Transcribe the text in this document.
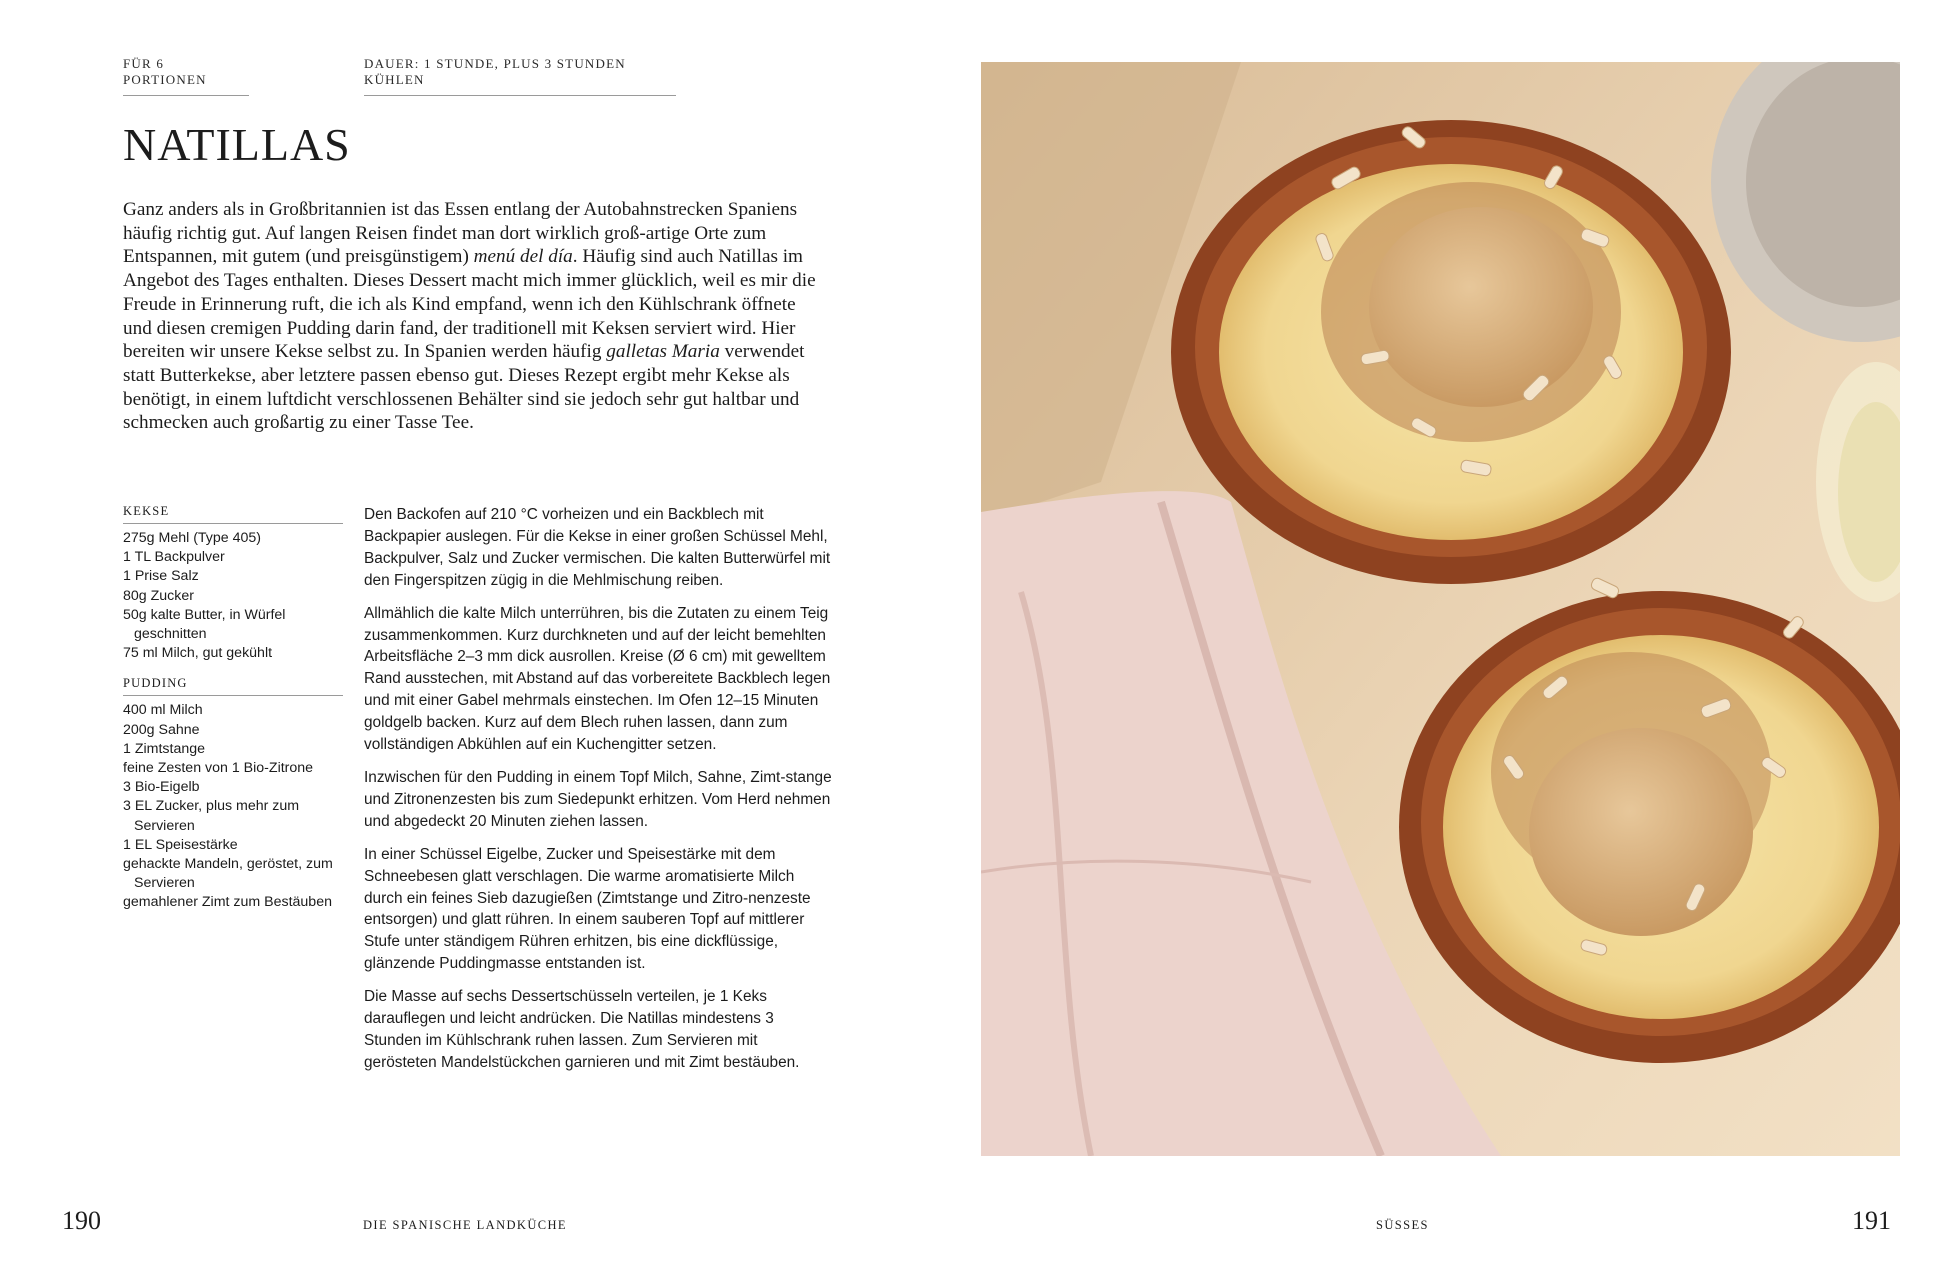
FÜR 6 PORTIONEN
DAUER: 1 STUNDE, PLUS 3 STUNDEN KÜHLEN
NATILLAS

Ganz anders als in Großbritannien ist das Essen entlang der Autobahnstrecken Spaniens häufig richtig gut. Auf langen Reisen findet man dort wirklich groß-artige Orte zum Entspannen, mit gutem (und preisgünstigem) menú del día. Häufig sind auch Natillas im Angebot des Tages enthalten. Dieses Dessert macht mich immer glücklich, weil es mir die Freude in Erinnerung ruft, die ich als Kind empfand, wenn ich den Kühlschrank öffnete und diesen cremigen Pudding darin fand, der traditionell mit Keksen serviert wird. Hier bereiten wir unsere Kekse selbst zu. In Spanien werden häufig galletas Maria verwendet statt Butterkekse, aber letztere passen ebenso gut. Dieses Rezept ergibt mehr Kekse als benötigt, in einem luftdicht verschlossenen Behälter sind sie jedoch sehr gut haltbar und schmecken auch großartig zu einer Tasse Tee.

KEKSE
275g Mehl (Type 405)
1 TL Backpulver
1 Prise Salz
80g Zucker
50g kalte Butter, in Würfel geschnitten
75 ml Milch, gut gekühlt
PUDDING
400 ml Milch
200g Sahne
1 Zimtstange
feine Zesten von 1 Bio-Zitrone
3 Bio-Eigelb
3 EL Zucker, plus mehr zum Servieren
1 EL Speisestärke
gehackte Mandeln, geröstet, zum Servieren
gemahlener Zimt zum Bestäuben

Den Backofen auf 210 °C vorheizen und ein Backblech mit Backpapier auslegen. Für die Kekse in einer großen Schüssel Mehl, Backpulver, Salz und Zucker vermischen. Die kalten Butterwürfel mit den Fingerspitzen zügig in die Mehlmischung reiben.

Allmählich die kalte Milch unterrühren, bis die Zutaten zu einem Teig zusammenkommen. Kurz durchkneten und auf der leicht bemehlten Arbeitsfläche 2–3 mm dick ausrollen. Kreise (Ø 6 cm) mit gewelltem Rand ausstechen, mit Abstand auf das vorbereitete Backblech legen und mit einer Gabel mehrmals einstechen. Im Ofen 12–15 Minuten goldgelb backen. Kurz auf dem Blech ruhen lassen, dann zum vollständigen Abkühlen auf ein Kuchengitter setzen.

Inzwischen für den Pudding in einem Topf Milch, Sahne, Zimt-stange und Zitronenzesten bis zum Siedepunkt erhitzen. Vom Herd nehmen und abgedeckt 20 Minuten ziehen lassen.

In einer Schüssel Eigelbe, Zucker und Speisestärke mit dem Schneebesen glatt verschlagen. Die warme aromatisierte Milch durch ein feines Sieb dazugießen (Zimtstange und Zitro-nenzeste entsorgen) und glatt rühren. In einem sauberen Topf auf mittlerer Stufe unter ständigem Rühren erhitzen, bis eine dickflüssige, glänzende Puddingmasse entstanden ist.

Die Masse auf sechs Dessertschüsseln verteilen, je 1 Keks darauflegen und leicht andrücken. Die Natillas mindestens 3 Stunden im Kühlschrank ruhen lassen. Zum Servieren mit gerösteten Mandelstückchen garnieren und mit Zimt bestäuben.

190	DIE SPANISCHE LANDKÜCHE	SÜSSES	191
